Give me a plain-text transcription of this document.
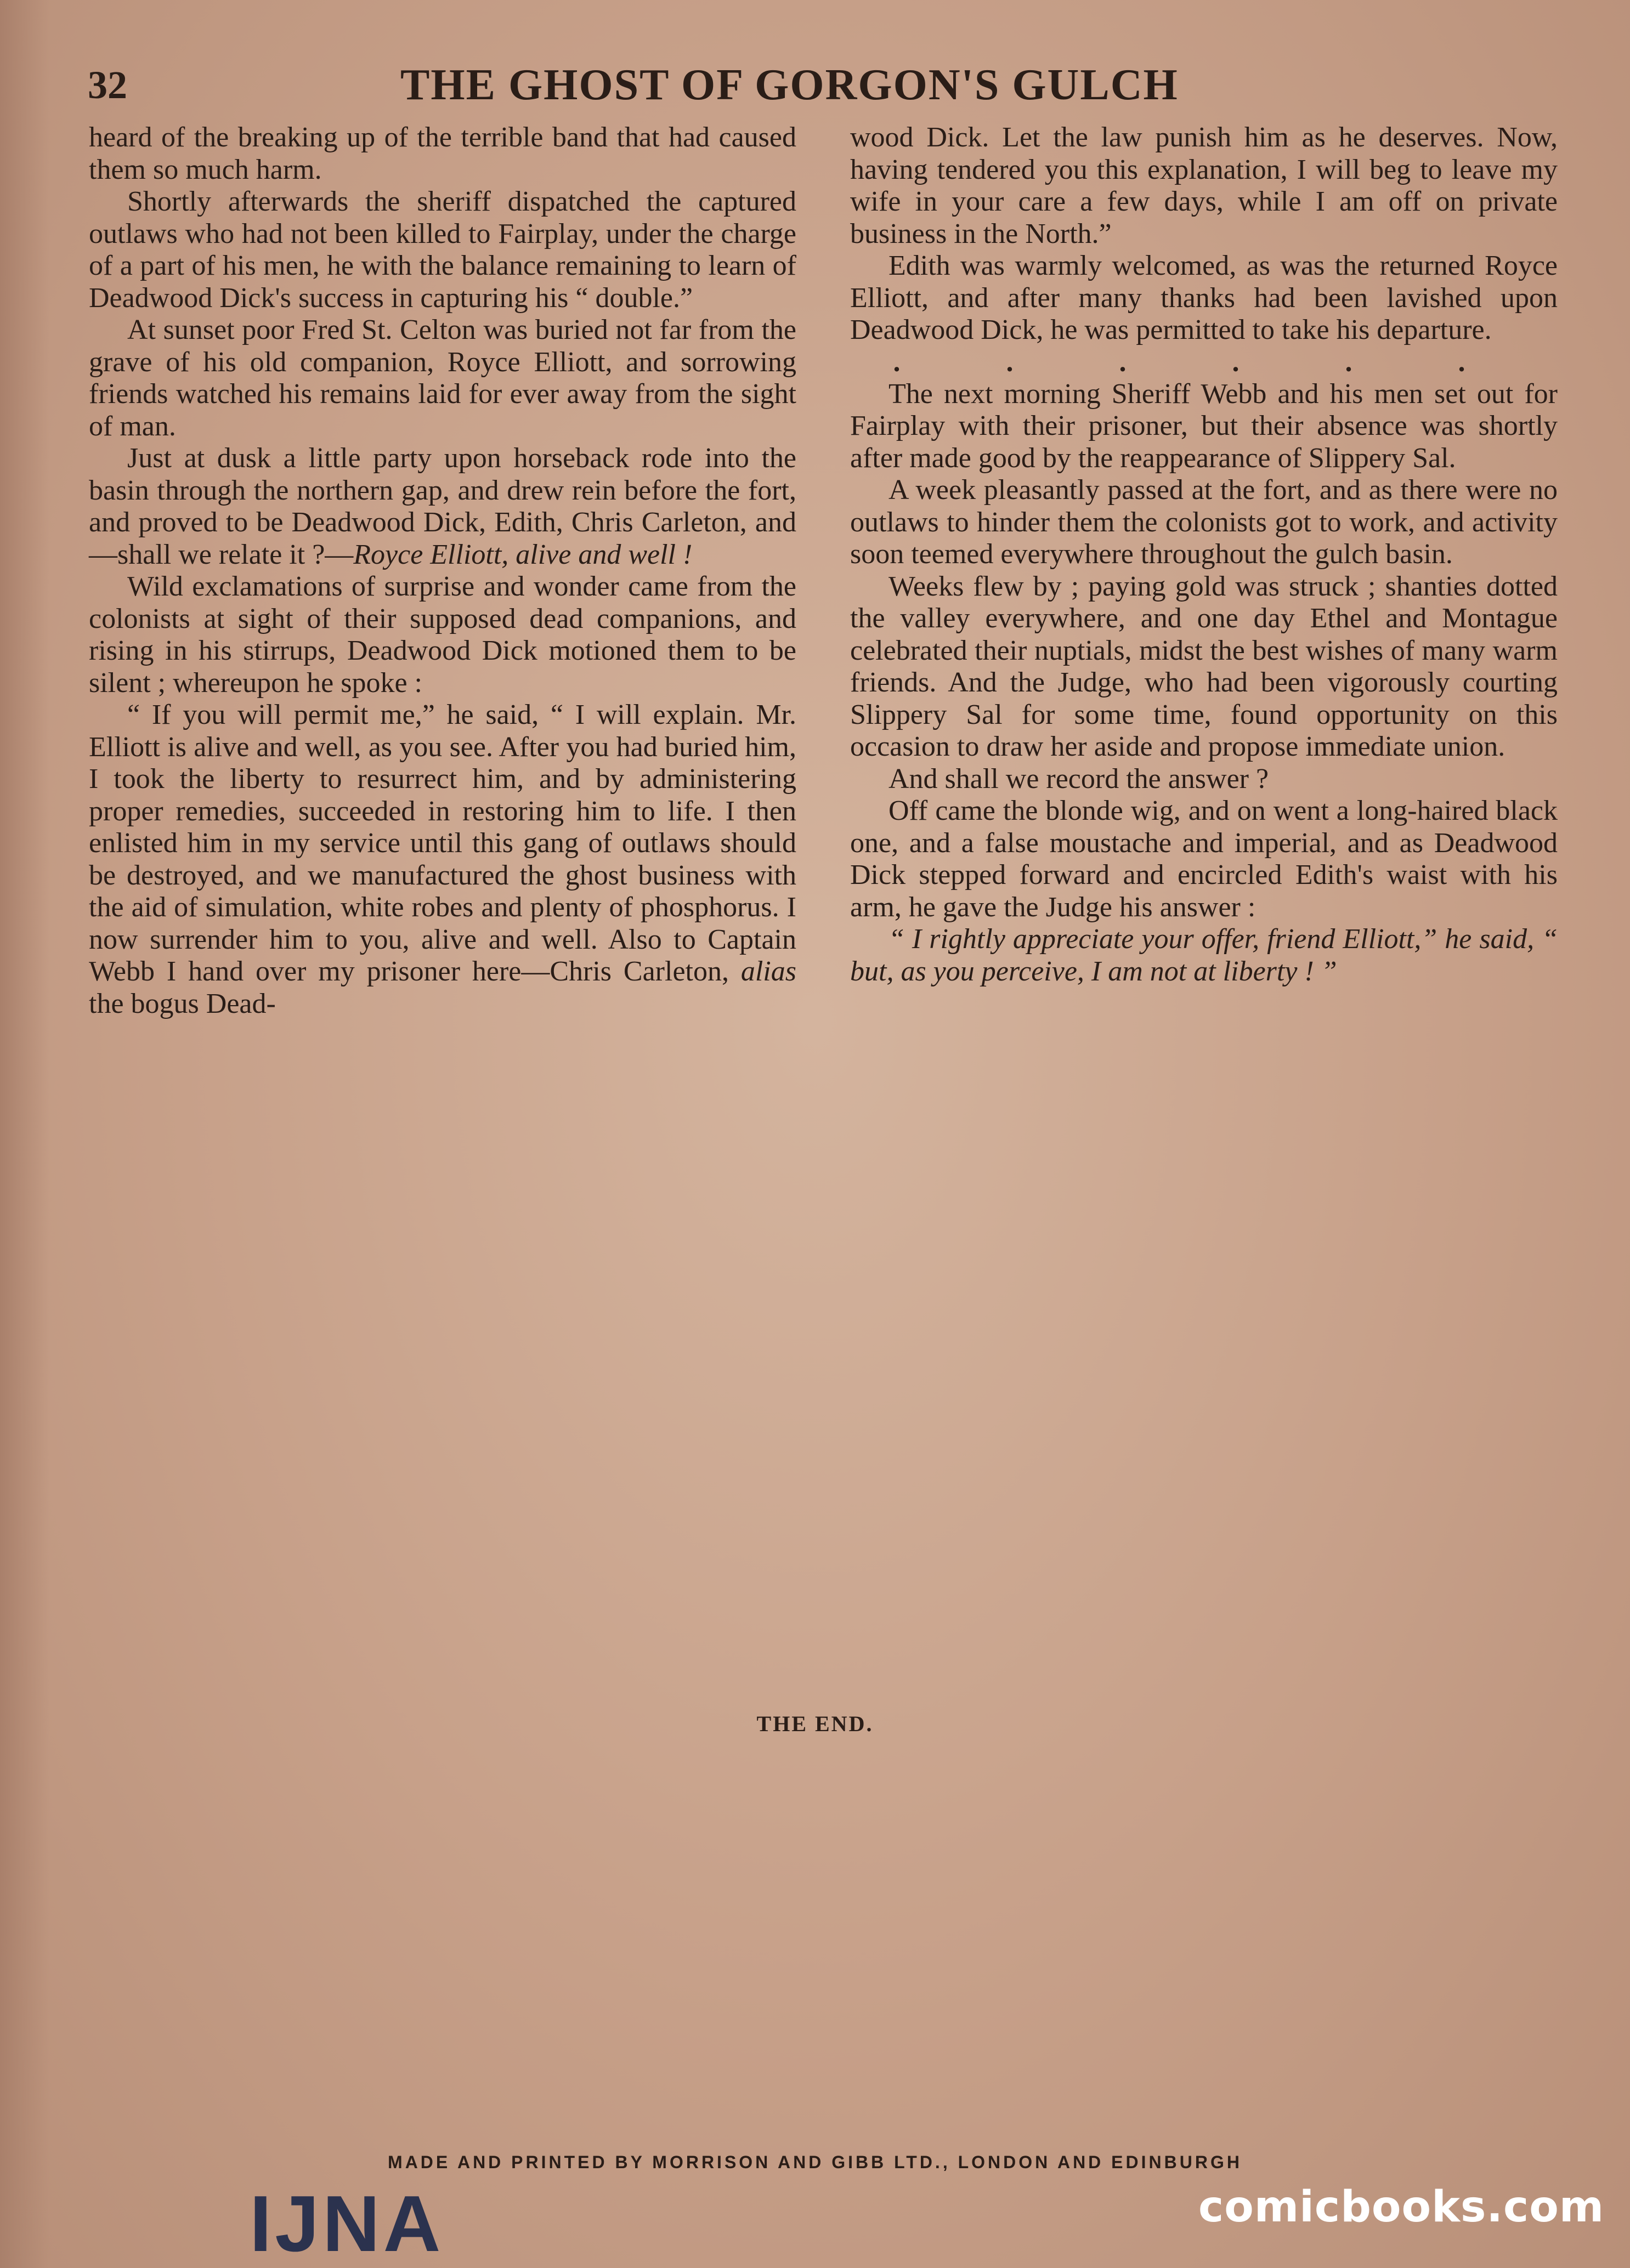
32	THE GHOST OF GORGON'S GULCH

heard of the breaking up of the terrible band that had caused them so much harm.

Shortly afterwards the sheriff dispatched the captured outlaws who had not been killed to Fairplay, under the charge of a part of his men, he with the balance remaining to learn of Deadwood Dick's success in capturing his “ double.”

At sunset poor Fred St. Celton was buried not far from the grave of his old companion, Royce Elliott, and sorrowing friends watched his remains laid for ever away from the sight of man.

Just at dusk a little party upon horseback rode into the basin through the northern gap, and drew rein before the fort, and proved to be Deadwood Dick, Edith, Chris Carleton, and—shall we relate it ?—Royce Elliott, alive and well !

Wild exclamations of surprise and wonder came from the colonists at sight of their supposed dead companions, and rising in his stirrups, Deadwood Dick motioned them to be silent ; whereupon he spoke :

“ If you will permit me,” he said, “ I will explain. Mr. Elliott is alive and well, as you see. After you had buried him, I took the liberty to resurrect him, and by administering proper remedies, succeeded in restoring him to life. I then enlisted him in my service until this gang of outlaws should be destroyed, and we manufactured the ghost business with the aid of simulation, white robes and plenty of phosphorus. I now surrender him to you, alive and well. Also to Captain Webb I hand over my prisoner here—Chris Carleton, alias the bogus Dead-

wood Dick. Let the law punish him as he deserves. Now, having tendered you this explanation, I will beg to leave my wife in your care a few days, while I am off on private business in the North.”

Edith was warmly welcomed, as was the returned Royce Elliott, and after many thanks had been lavished upon Deadwood Dick, he was permitted to take his departure.

. . . . . .

The next morning Sheriff Webb and his men set out for Fairplay with their prisoner, but their absence was shortly after made good by the reappearance of Slippery Sal.

A week pleasantly passed at the fort, and as there were no outlaws to hinder them the colonists got to work, and activity soon teemed everywhere throughout the gulch basin.

Weeks flew by ; paying gold was struck ; shanties dotted the valley everywhere, and one day Ethel and Montague celebrated their nuptials, midst the best wishes of many warm friends. And the Judge, who had been vigorously courting Slippery Sal for some time, found opportunity on this occasion to draw her aside and propose immediate union.

And shall we record the answer ?

Off came the blonde wig, and on went a long-haired black one, and a false moustache and imperial, and as Deadwood Dick stepped forward and encircled Edith's waist with his arm, he gave the Judge his answer :

“ I rightly appreciate your offer, friend Elliott,” he said, “ but, as you perceive, I am not at liberty ! ”

THE END.
MADE AND PRINTED BY MORRISON AND GIBB LTD., LONDON AND EDINBURGH
IJNA	comicbooks.com
